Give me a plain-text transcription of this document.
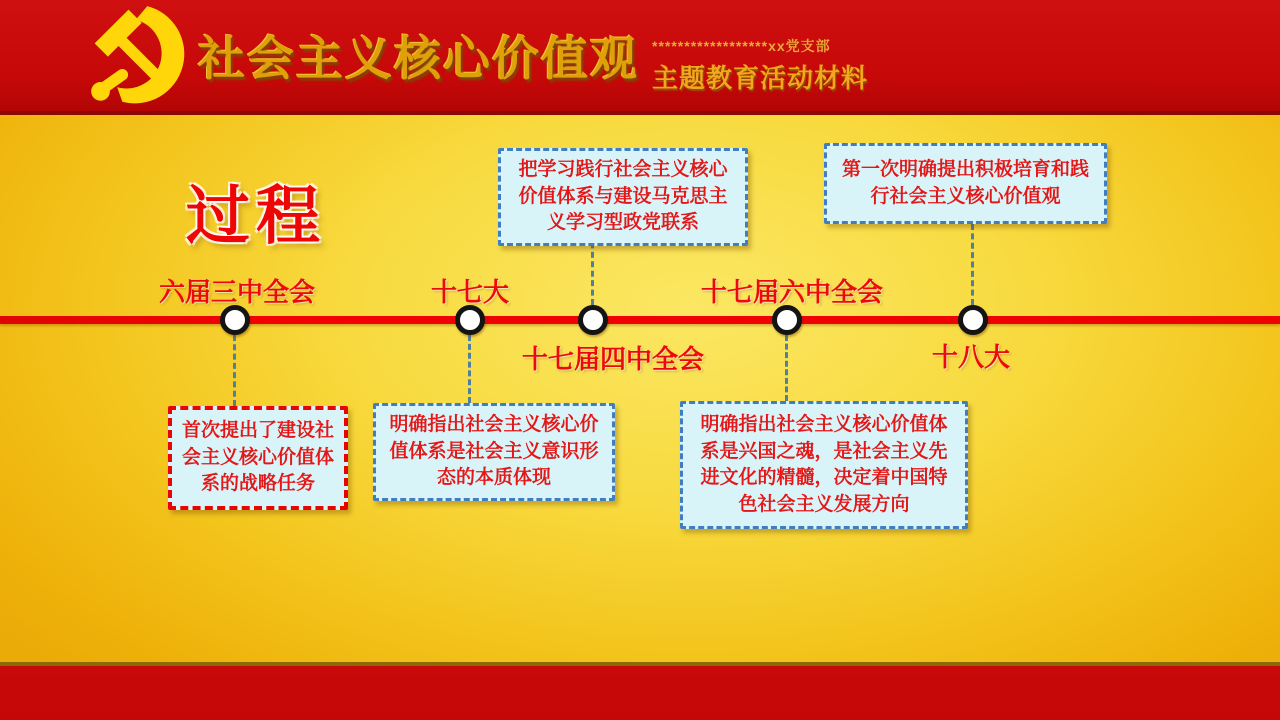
社会主义核心价值观 ******************xx党支部
主题教育活动材料
过程
六届三中全会	十七大
十七届四中全会
十七届六中全会
十八大
把学习践行社会主义核心价值体系与建设马克思主义学习型政党联系
第一次明确提出积极培育和践行社会主义核心价值观
首次提出了建设社会主义核心价值体系的战略任务
明确指出社会主义核心价值体系是社会主义意识形态的本质体现
明确指出社会主义核心价值体系是兴国之魂，是社会主义先进文化的精髓，决定着中国特色社会主义发展方向
